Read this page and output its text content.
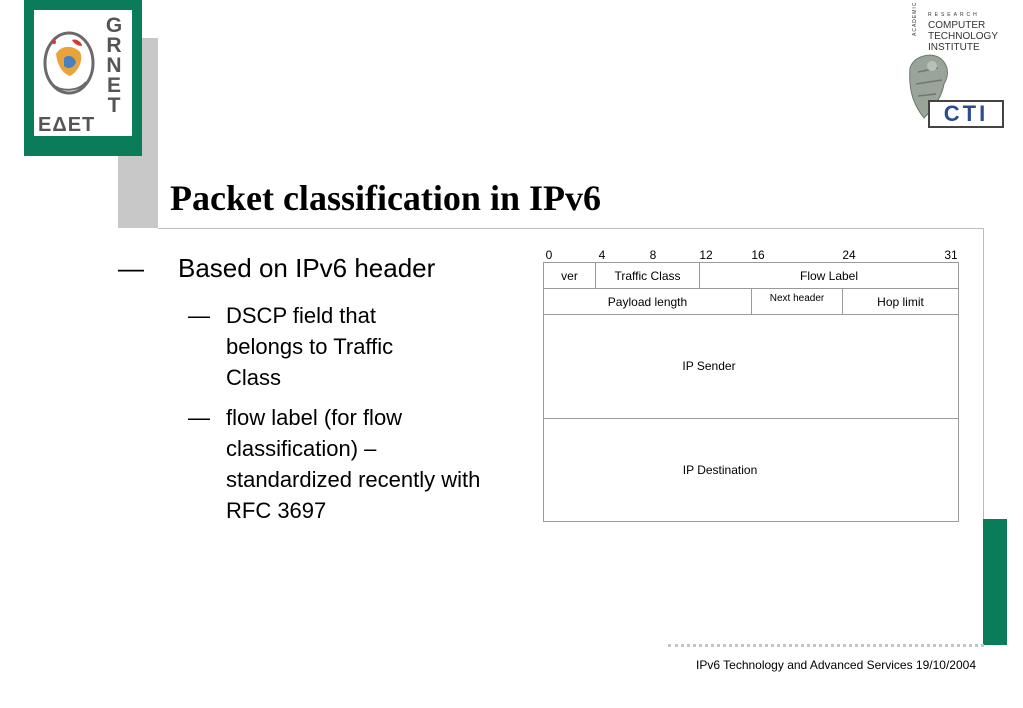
G
R
N
E
T
ΕΔΕΤ
RESEARCH
ACADEMIC COMPUTER
TECHNOLOGY
INSTITUTE
CTI
Packet classification in IPv6
— Based on IPv6 header
— DSCP field that belongs to Traffic Class
— flow label (for flow classification) – standardized recently with RFC 3697
0	4	8	12	16	24	31
ver	Traffic Class	Flow Label
Payload length	Next header	Hop limit
IP Sender
IP Destination
IPv6 Technology and Advanced Services 19/10/2004
